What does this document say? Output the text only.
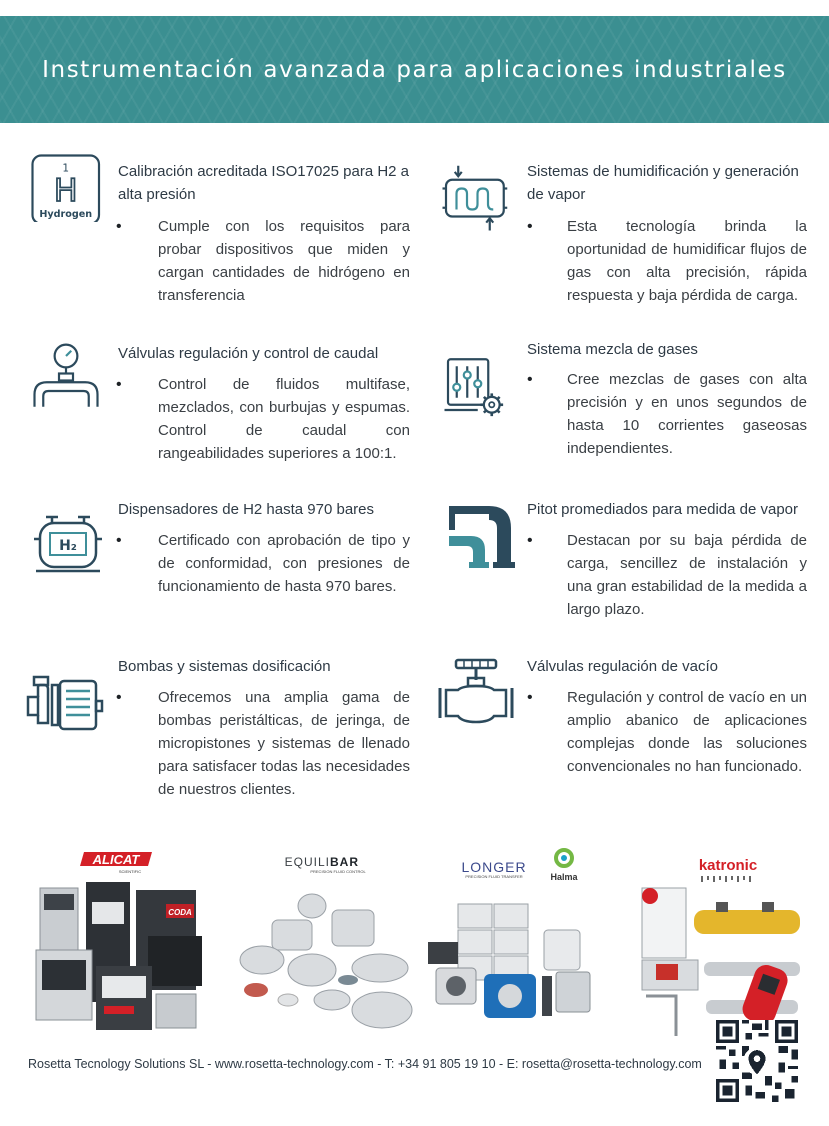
Instrumentación avanzada para aplicaciones industriales
1
H
Hydrogen
Calibración acreditada ISO17025 para H2 a alta presión
• Cumple con los requisitos para probar dispositivos que miden y cargan cantidades de hidrógeno en transferencia
Sistemas de humidificación y generación de vapor
• Esta tecnología brinda la oportunidad de humidificar flujos de gas con alta precisión, rápida respuesta y baja pérdida de carga.
Válvulas regulación y control de caudal
• Control de fluidos multifase, mezclados, con burbujas y espumas. Control de caudal con rangeabilidades superiores a 100:1.
Sistema mezcla de gases
• Cree mezclas de gases con alta precisión y en unos segundos de hasta 10 corrientes gaseosas independientes.
H₂
Dispensadores de H2 hasta 970 bares
• Certificado con aprobación de tipo y de conformidad, con presiones de funcionamiento de hasta 970 bares.
Pitot promediados para medida de vapor
• Destacan por su baja pérdida de carga, sencillez de instalación y una gran estabilidad de la medida a largo plazo.
Bombas y sistemas dosificación
• Ofrecemos una amplia gama de bombas peristálticas, de jeringa, de micropistones y sistemas de llenado para satisfacer todas las necesidades de nuestros clientes.
Válvulas regulación de vacío
• Regulación y control de vacío en un amplio abanico de aplicaciones complejas donde las soluciones convencionales no han funcionado.
ALICAT
SCIENTIFIC
CODA
EQUILI BAR
PRECISION FLUID CONTROL	LONGER
PRECISION FLUID TRANSFER	Halma
katronic
Rosetta Tecnology Solutions SL - www.rosetta-technology.com - T: +34 91 805 19 10 - E: rosetta@rosetta-technology.com
